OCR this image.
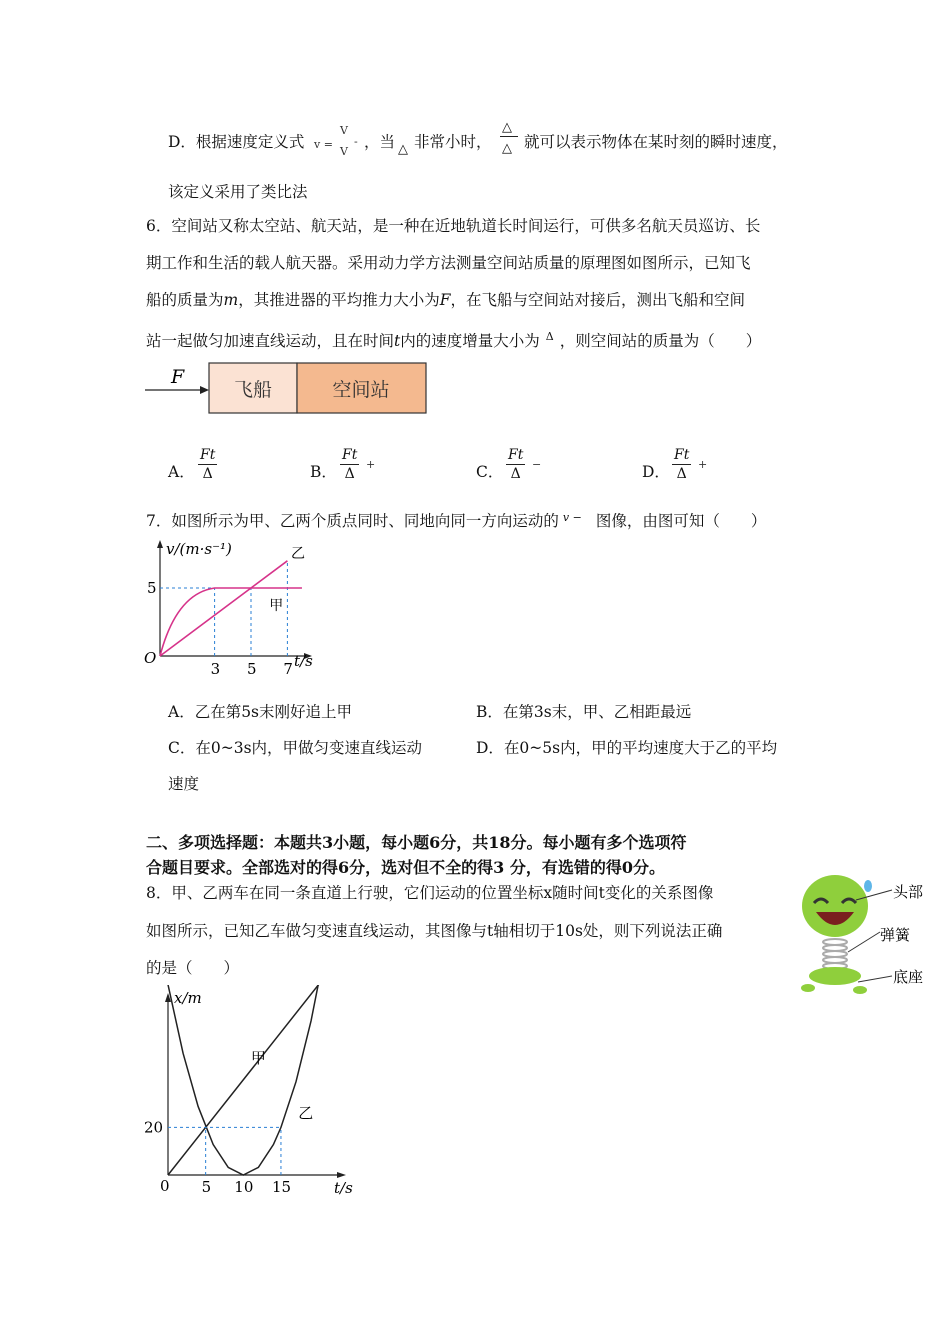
D．根据速度定义式 v =
V
V
- ，当 △ 非常小时，
△
△ 就可以表示物体在某时刻的瞬时速度，
该定义采用了类比法
6．空间站又称太空站、航天站，是一种在近地轨道长时间运行，可供多名航天员巡访、长
期工作和生活的载人航天器。采用动力学方法测量空间站质量的原理图如图所示，已知飞
船的质量为m，其推进器的平均推力大小为F，在飞船与空间站对接后，测出飞船和空间
站一起做匀加速直线运动，且在时间t内的速度增量大小为 $^\Delta$ ，则空间站的质量为（　　）
F
飞船	空间站
A．
Ft
Δ	B．
Ft
Δ
+	C．
Ft
Δ
−	D．
Ft
Δ
+
7．如图所示为甲、乙两个质点同时、同地向同一方向运动的 $^{v -}$ 图像，由图可知（　　）
v/(m·s⁻¹)
t/s
O
乙
甲
3 5 7
5
A．乙在第5s末刚好追上甲	B．在第3s末，甲、乙相距最远
C．在0~3s内，甲做匀变速直线运动	D．在0~5s内，甲的平均速度大于乙的平均
速度
二、多项选择题：本题共3小题，每小题6分，共18分。每小题有多个选项符
合题目要求。全部选对的得6分，选对但不全的得3 分，有选错的得0分。
8．甲、乙两车在同一条直道上行驶，它们运动的位置坐标x随时间t变化的关系图像
如图所示，已知乙车做匀变速直线运动，其图像与t轴相切于10s处，则下列说法正确
的是（　　）
x/m
t/s
0
甲
乙
5 10 15
20
头部
弹簧
底座
